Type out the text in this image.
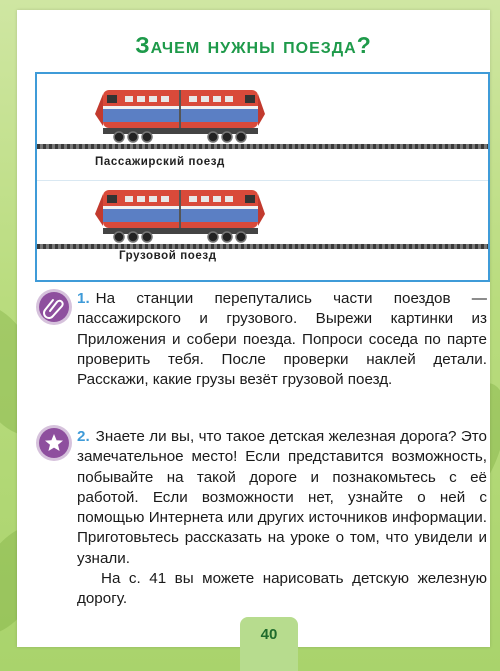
Зачем нужны поезда?
Пассажирский поезд
Грузовой поезд

1. На станции перепутались части поездов — пассажирского и грузового. Вырежи картинки из Приложения и собери поезда. Попроси соседа по парте проверить тебя. После проверки наклей детали. Расскажи, какие грузы везёт грузовой поезд.

2. Знаете ли вы, что такое детская железная дорога? Это замечательное место! Если представится возможность, побывайте на такой дороге и познакомьтесь с её работой. Если возможности нет, узнайте о ней с помощью Интернета или других источников информации. Приготовьтесь рассказать на уроке о том, что увидели и узнали.

На с. 41 вы можете нарисовать детскую железную дорогу.

40
